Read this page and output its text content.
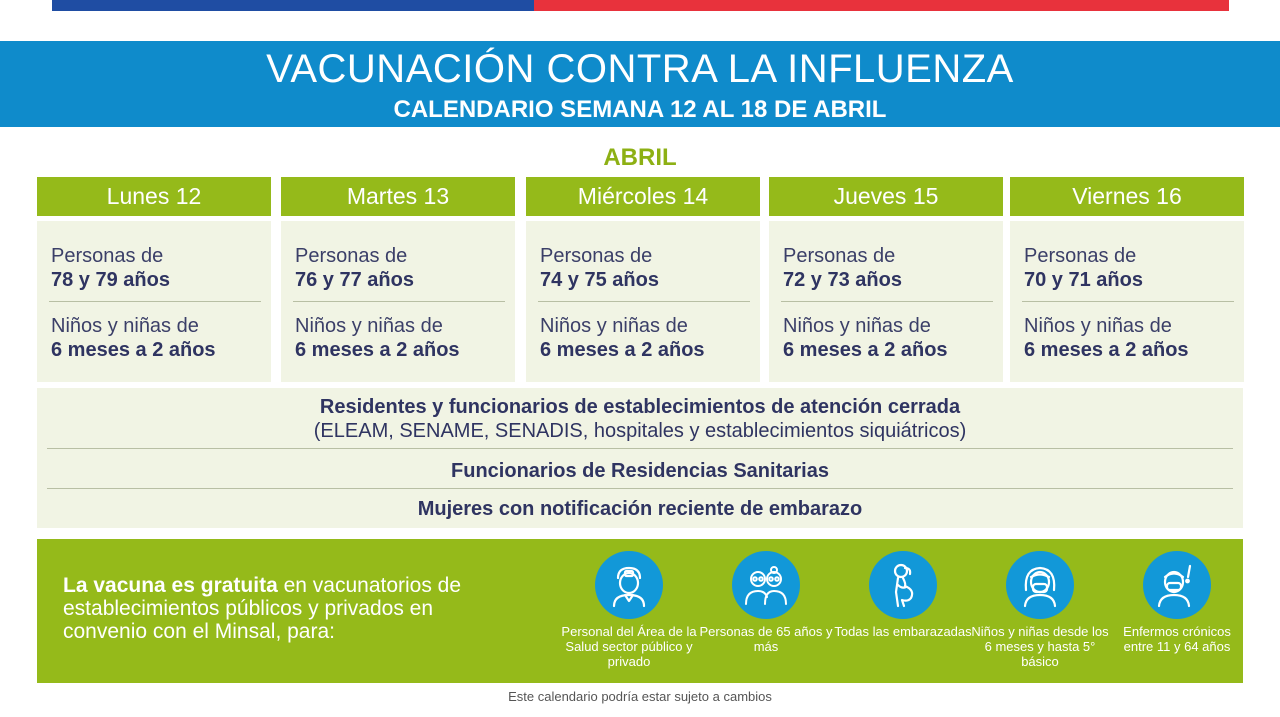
VACUNACIÓN CONTRA LA INFLUENZA
CALENDARIO SEMANA 12 AL 18 DE ABRIL
ABRIL
Lunes 12
Personas de
78 y 79 años
Niños y niñas de
6 meses a 2 años
Martes 13
Personas de
76 y 77 años
Niños y niñas de
6 meses a 2 años
Miércoles 14
Personas de
74 y 75 años
Niños y niñas de
6 meses a 2 años
Jueves 15
Personas de
72 y 73 años
Niños y niñas de
6 meses a 2 años
Viernes 16
Personas de
70 y 71 años
Niños y niñas de
6 meses a 2 años
Residentes y funcionarios de establecimientos de atención cerrada
(ELEAM, SENAME, SENADIS, hospitales y establecimientos siquiátricos)
Funcionarios de Residencias Sanitarias
Mujeres con notificación reciente de embarazo
La vacuna es gratuita en vacunatorios de establecimientos públicos y privados en convenio con el Minsal, para:	Personal del Área de la Salud sector público y privado
Personas de 65 años y más
Todas las embarazadas Niños y niñas desde los 6 meses y hasta 5° básico
Enfermos crónicos entre 11 y 64 años
Este calendario podría estar sujeto a cambios
